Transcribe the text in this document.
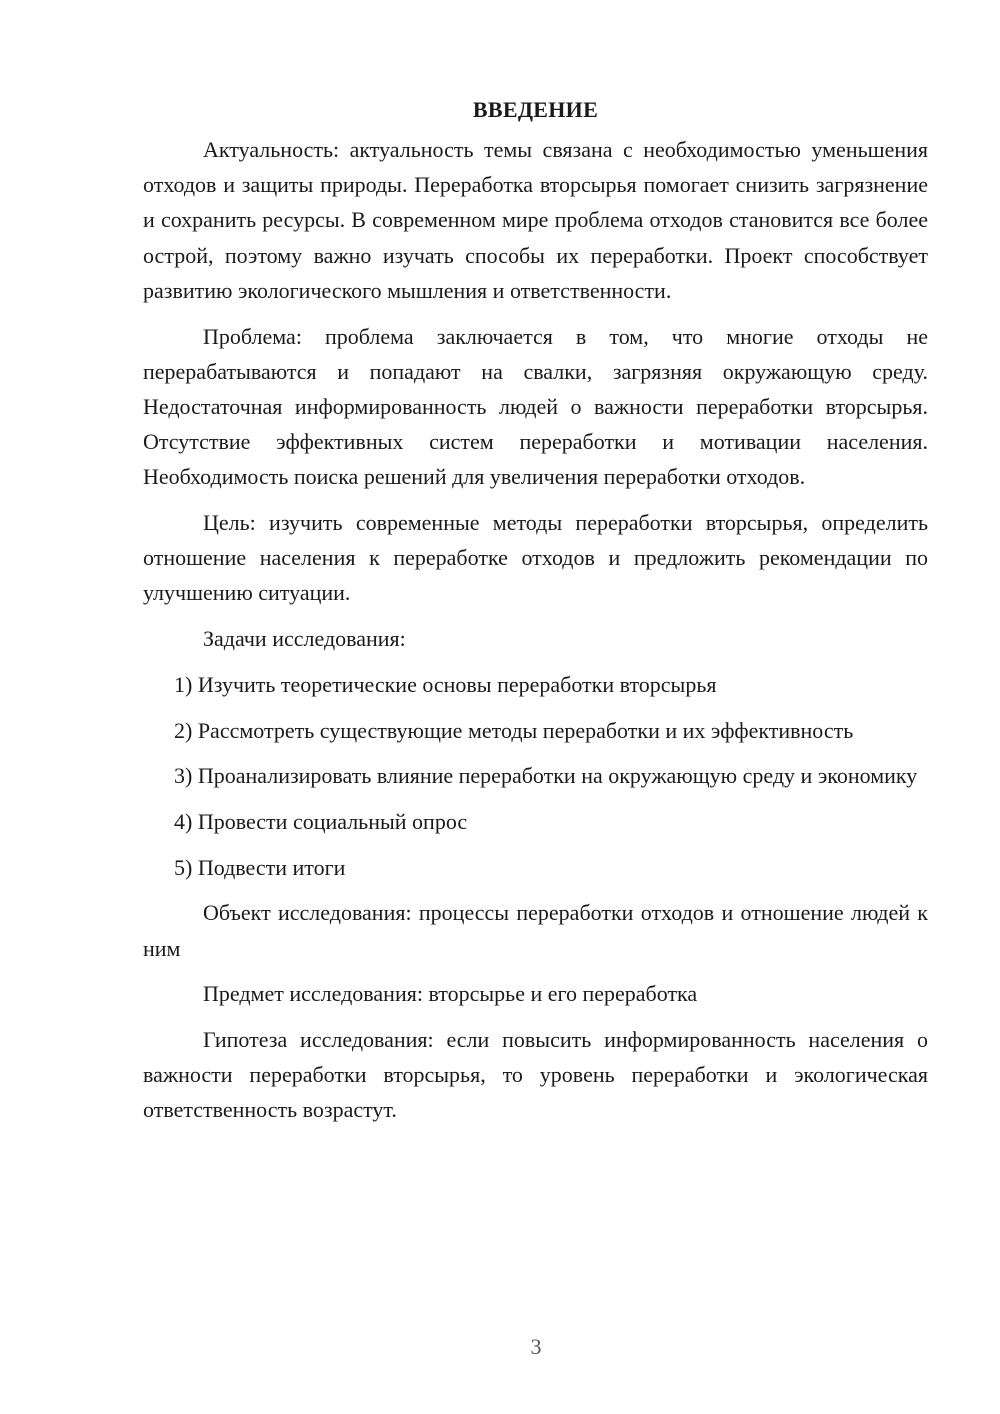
ВВЕДЕНИЕ

Актуальность: актуальность темы связана с необходимостью уменьшения отходов и защиты природы. Переработка вторсырья помогает снизить загрязнение и сохранить ресурсы. В современном мире проблема отходов становится все более острой, поэтому важно изучать способы их переработки. Проект способствует развитию экологического мышления и ответственности.

Проблема: проблема заключается в том, что многие отходы не перерабатываются и попадают на свалки, загрязняя окружающую среду. Недостаточная информированность людей о важности переработки вторсырья. Отсутствие эффективных систем переработки и мотивации населения. Необходимость поиска решений для увеличения переработки отходов.

Цель: изучить современные методы переработки вторсырья, определить отношение населения к переработке отходов и предложить рекомендации по улучшению ситуации.

Задачи исследования:

1) Изучить теоретические основы переработки вторсырья

2) Рассмотреть существующие методы переработки и их эффективность

3) Проанализировать влияние переработки на окружающую среду и экономику

4) Провести социальный опрос

5) Подвести итоги

Объект исследования: процессы переработки отходов и отношение людей к ним

Предмет исследования: вторсырье и его переработка

Гипотеза исследования: если повысить информированность населения о важности переработки вторсырья, то уровень переработки и экологическая ответственность возрастут.

3
